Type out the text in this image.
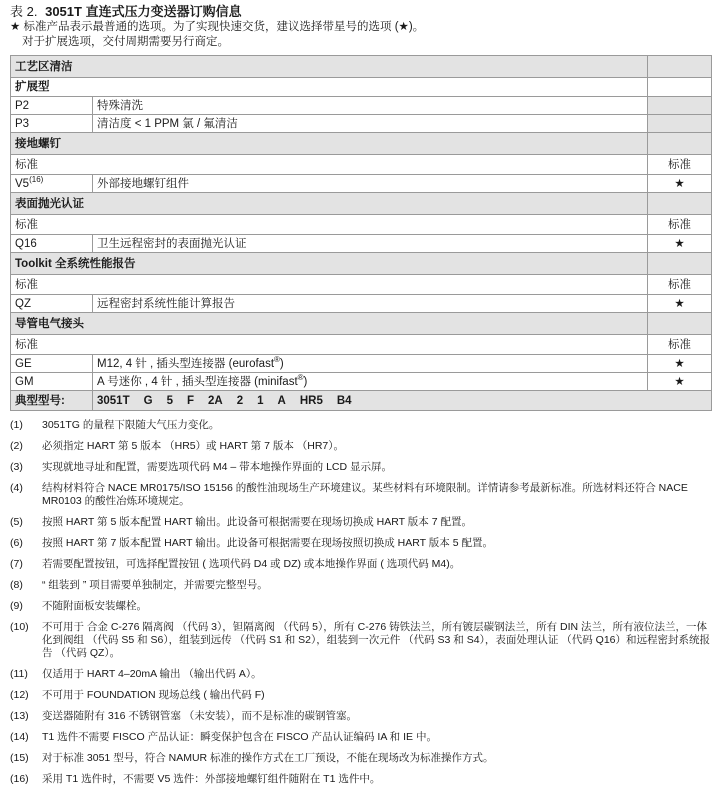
表 2. 3051T 直连式压力变送器订购信息
★ 标准产品表示最普通的选项。为了实现快速交货，建议选择带星号的选项 (★)。
对于扩展选项，交付周期需要另行商定。
工艺区清洁		
扩展型		
P2	特殊清洗	
P3	清洁度 < 1 PPM 氯 / 氟清洁	
接地螺钉		
标准		标准
V5$^{(16)}$	外部接地螺钉组件	★
表面抛光认证		
标准		标准
Q16	卫生远程密封的表面抛光认证	★
Toolkit 全系统性能报告		
标准		标准
QZ	远程密封系统性能计算报告	★
导管电气接头		
标准		标准
GE	M12, 4 针 , 插头型连接器 (eurofast®)	★
GM	A 号迷你 , 4 针 , 插头型连接器 (minifast®)	★
典型型号:	3051T G 5 F 2A 2 1 A HR5 B4	
(1)	3051TG 的量程下限随大气压力变化。
(2)	必须指定 HART 第 5 版本 （HR5）或 HART 第 7 版本 （HR7）。
(3)	实现就地寻址和配置，需要选项代码 M4 – 带本地操作界面的 LCD 显示屏。
(4)	结构材料符合 NACE MR0175/ISO 15156 的酸性油现场生产环境建议。某些材料有环境限制。详情请参考最新标准。所选材料还符合 NACE MR0103 的酸性冶炼环境规定。
(5)	按照 HART 第 5 版本配置 HART 输出。此设备可根据需要在现场切换成 HART 版本 7 配置。
(6)	按照 HART 第 7 版本配置 HART 输出。此设备可根据需要在现场按照切换成 HART 版本 5 配置。
(7)	若需要配置按钮，可选择配置按钮 ( 选项代码 D4 或 DZ) 或本地操作界面 ( 选项代码 M4)。
(8)	“ 组装到 ” 项目需要单独制定，并需要完整型号。
(9)	不随附面板安装螺栓。
(10)	不可用于 合金 C-276 隔离阀 （代码 3），钽隔离阀 （代码 5），所有 C-276 铸铁法兰，所有镀层碳钢法兰，所有 DIN 法兰，所有液位法兰，一体化到阀组 （代码 S5 和 S6），组装到远传 （代码 S1 和 S2），组装到一次元件 （代码 S3 和 S4），表面处理认证 （代码 Q16）和远程密封系统报告 （代码 QZ）。
(11)	仅适用于 HART 4–20mA 输出 （输出代码 A）。
(12)	不可用于 FOUNDATION 现场总线 ( 输出代码 F)
(13)	变送器随附有 316 不锈钢管塞 （未安装），而不是标准的碳钢管塞。
(14)	T1 选件不需要 FISCO 产品认证：瞬变保护包含在 FISCO 产品认证编码 IA 和 IE 中。
(15)	对于标准 3051 型号，符合 NAMUR 标准的操作方式在工厂预设，不能在现场改为标准操作方式。
(16)	采用 T1 选件时，不需要 V5 选件：外部接地螺钉组件随附在 T1 选件中。
